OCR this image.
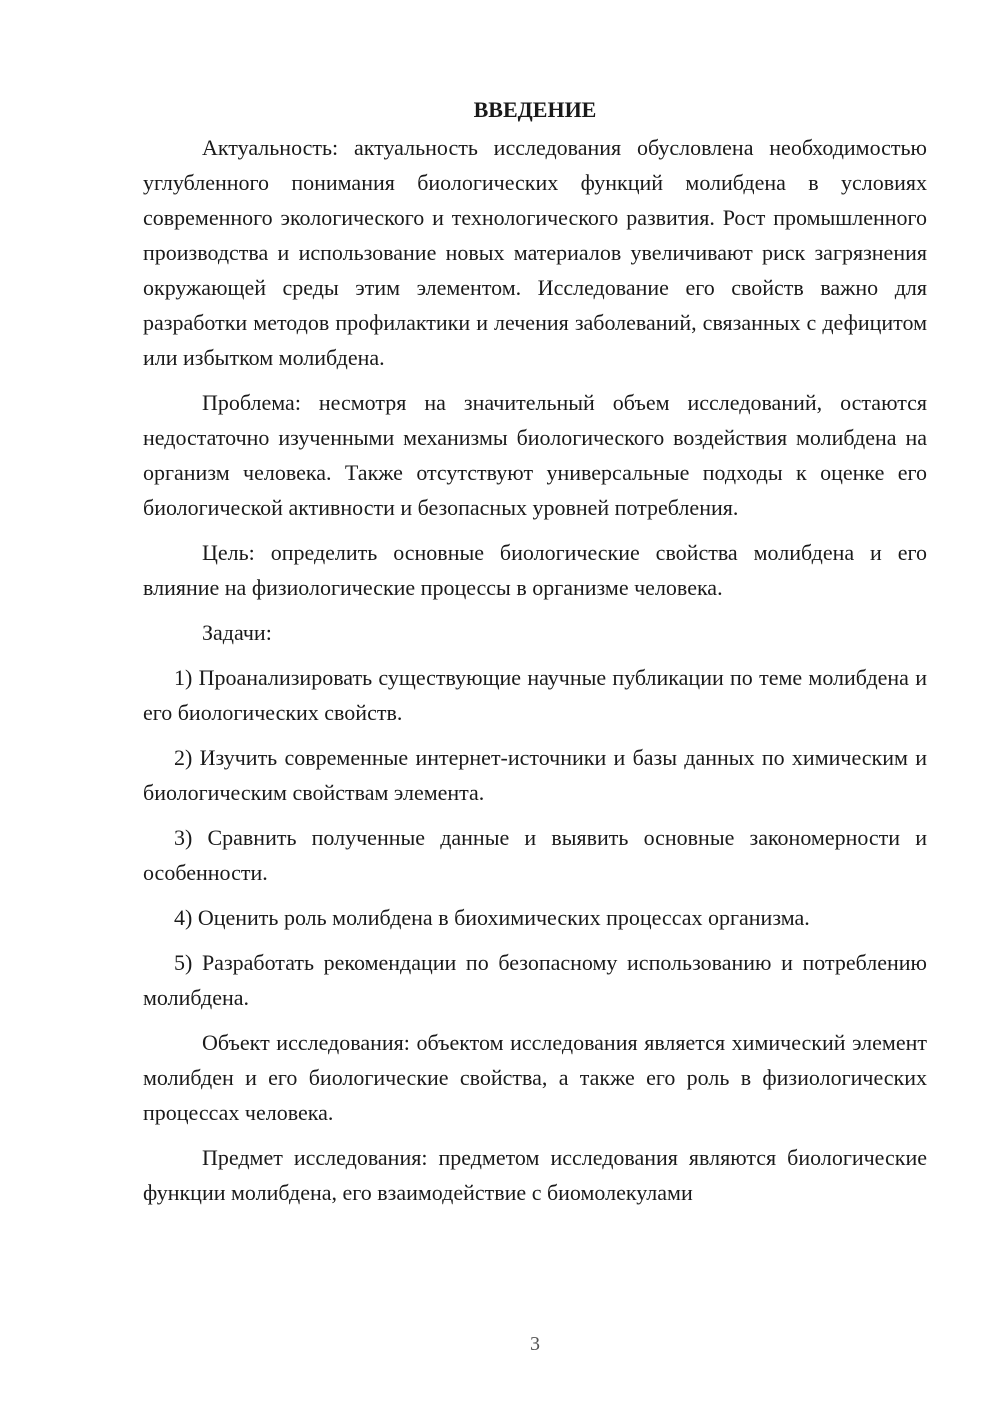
ВВЕДЕНИЕ

Актуальность: актуальность исследования обусловлена необходимостью углубленного понимания биологических функций молибдена в условиях современного экологического и технологического развития. Рост промышленного производства и использование новых материалов увеличивают риск загрязнения окружающей среды этим элементом. Исследование его свойств важно для разработки методов профилактики и лечения заболеваний, связанных с дефицитом или избытком молибдена.

Проблема: несмотря на значительный объем исследований, остаются недостаточно изученными механизмы биологического воздействия молибдена на организм человека. Также отсутствуют универсальные подходы к оценке его биологической активности и безопасных уровней потребления.

Цель: определить основные биологические свойства молибдена и его влияние на физиологические процессы в организме человека.

Задачи:

1) Проанализировать существующие научные публикации по теме молибдена и его биологических свойств.

2) Изучить современные интернет-источники и базы данных по химическим и биологическим свойствам элемента.

3) Сравнить полученные данные и выявить основные закономерности и особенности.

4) Оценить роль молибдена в биохимических процессах организма.

5) Разработать рекомендации по безопасному использованию и потреблению молибдена.

Объект исследования: объектом исследования является химический элемент молибден и его биологические свойства, а также его роль в физиологических процессах человека.

Предмет исследования: предметом исследования являются биологические функции молибдена, его взаимодействие с биомолекулами

3
